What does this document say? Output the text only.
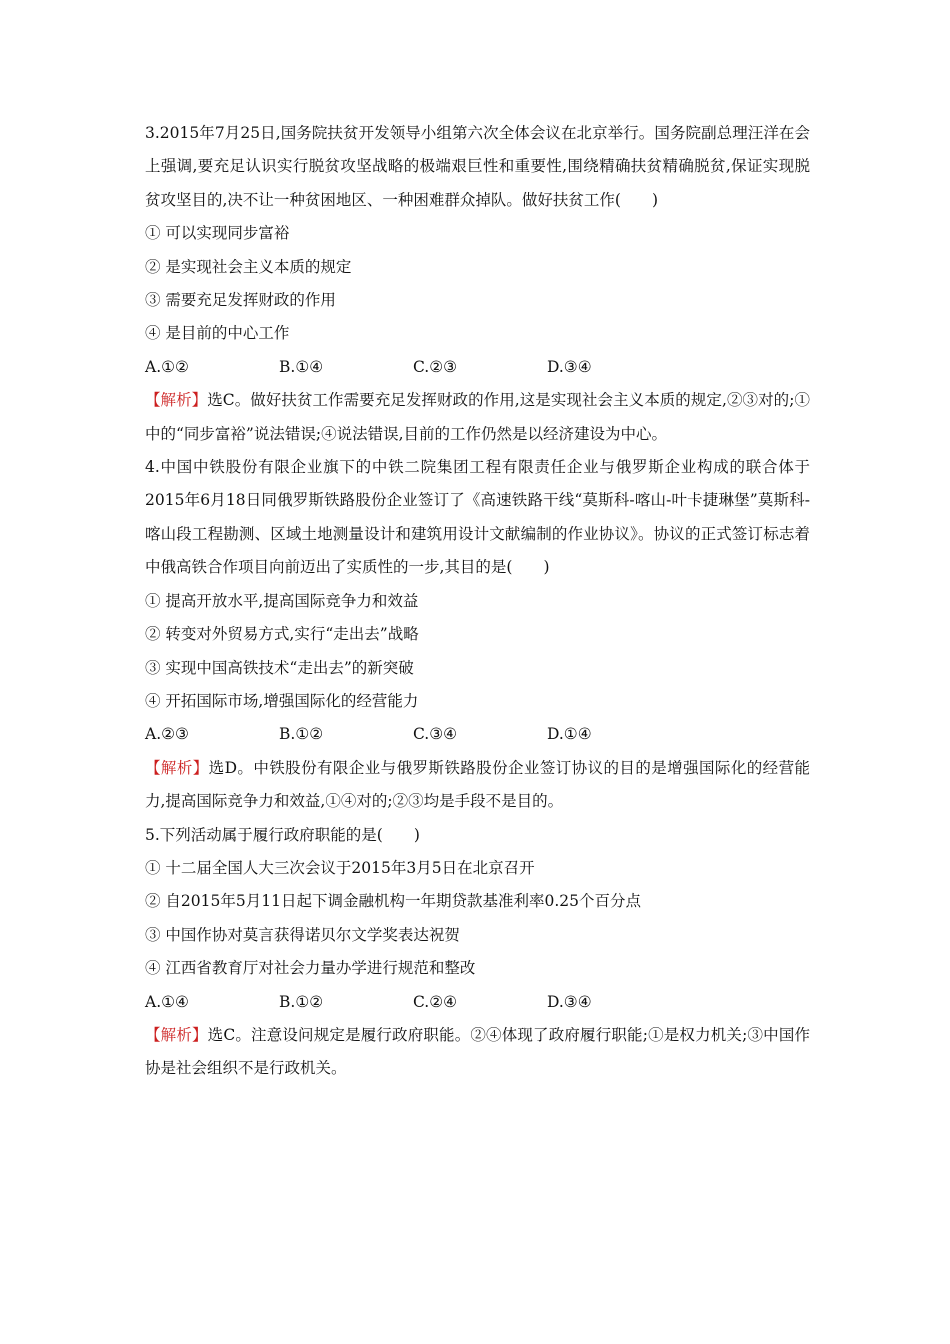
3.2015年7月25日,国务院扶贫开发领导小组第六次全体会议在北京举行。国务院副总理汪洋在会上强调,要充足认识实行脱贫攻坚战略的极端艰巨性和重要性,围绕精确扶贫精确脱贫,保证实现脱贫攻坚目的,决不让一种贫困地区、一种困难群众掉队。做好扶贫工作(　　)

① 可以实现同步富裕

② 是实现社会主义本质的规定

③ 需要充足发挥财政的作用

④ 是目前的中心工作

A.①②	B.①④	C.②③	D.③④

【解析】选C。做好扶贫工作需要充足发挥财政的作用,这是实现社会主义本质的规定,②③对的;①中的“同步富裕”说法错误;④说法错误,目前的工作仍然是以经济建设为中心。

4.中国中铁股份有限企业旗下的中铁二院集团工程有限责任企业与俄罗斯企业构成的联合体于2015年6月18日同俄罗斯铁路股份企业签订了《高速铁路干线“莫斯科-喀山-叶卡捷琳堡”莫斯科-喀山段工程勘测、区域土地测量设计和建筑用设计文献编制的作业协议》。协议的正式签订标志着中俄高铁合作项目向前迈出了实质性的一步,其目的是(　　)

① 提高开放水平,提高国际竞争力和效益

② 转变对外贸易方式,实行“走出去”战略

③ 实现中国高铁技术“走出去”的新突破

④ 开拓国际市场,增强国际化的经营能力

A.②③	B.①②	C.③④	D.①④

【解析】选D。中铁股份有限企业与俄罗斯铁路股份企业签订协议的目的是增强国际化的经营能力,提高国际竞争力和效益,①④对的;②③均是手段不是目的。

5.下列活动属于履行政府职能的是(　　)

① 十二届全国人大三次会议于2015年3月5日在北京召开

② 自2015年5月11日起下调金融机构一年期贷款基准利率0.25个百分点

③ 中国作协对莫言获得诺贝尔文学奖表达祝贺

④ 江西省教育厅对社会力量办学进行规范和整改

A.①④	B.①②	C.②④	D.③④

【解析】选C。注意设问规定是履行政府职能。②④体现了政府履行职能;①是权力机关;③中国作协是社会组织不是行政机关。
